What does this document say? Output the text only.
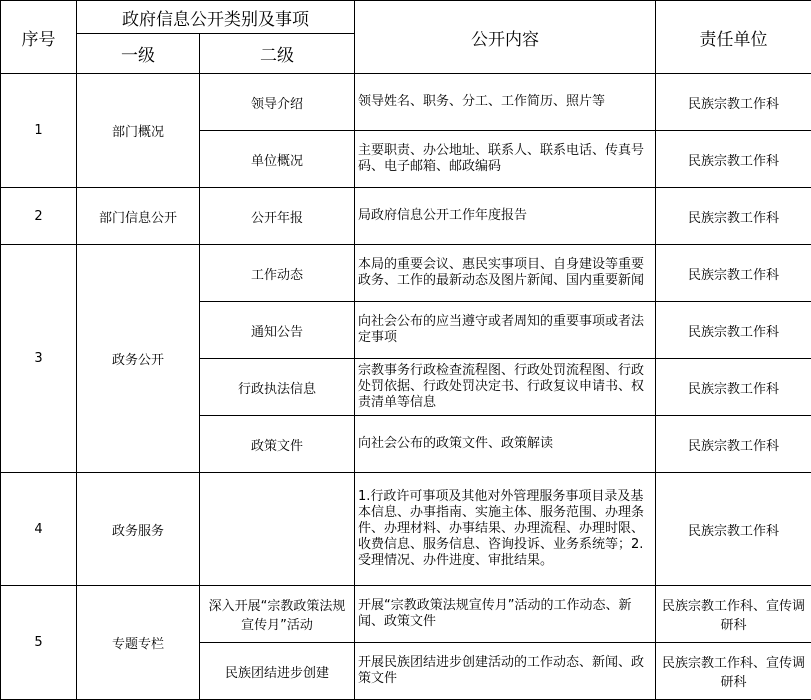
序号	政府信息公开类别及事项		公开内容	责任单位
	一级	二级		
1	部门概况	领导介绍	领导姓名、职务、分工、工作简历、照片等	民族宗教工作科
		单位概况	主要职责、办公地址、联系人、联系电话、传真号码、电子邮箱、邮政编码	民族宗教工作科
2	部门信息公开	公开年报	局政府信息公开工作年度报告	民族宗教工作科
3	政务公开	工作动态	本局的重要会议、惠民实事项目、自身建设等重要政务、工作的最新动态及图片新闻、国内重要新闻	民族宗教工作科
		通知公告	向社会公布的应当遵守或者周知的重要事项或者法定事项	民族宗教工作科
		行政执法信息	宗教事务行政检查流程图、行政处罚流程图、行政处罚依据、行政处罚决定书、行政复议申请书、权责清单等信息	民族宗教工作科
		政策文件	向社会公布的政策文件、政策解读	民族宗教工作科
4	政务服务		1.行政许可事项及其他对外管理服务事项目录及基本信息、办事指南、实施主体、服务范围、办理条件、办理材料、办事结果、办理流程、办理时限、收费信息、服务信息、咨询投诉、业务系统等；2.受理情况、办件进度、审批结果。	民族宗教工作科
5	专题专栏	深入开展“宗教政策法规宣传月”活动	开展“宗教政策法规宣传月”活动的工作动态、新闻、政策文件	民族宗教工作科、宣传调研科
		民族团结进步创建	开展民族团结进步创建活动的工作动态、新闻、政策文件	民族宗教工作科、宣传调研科
